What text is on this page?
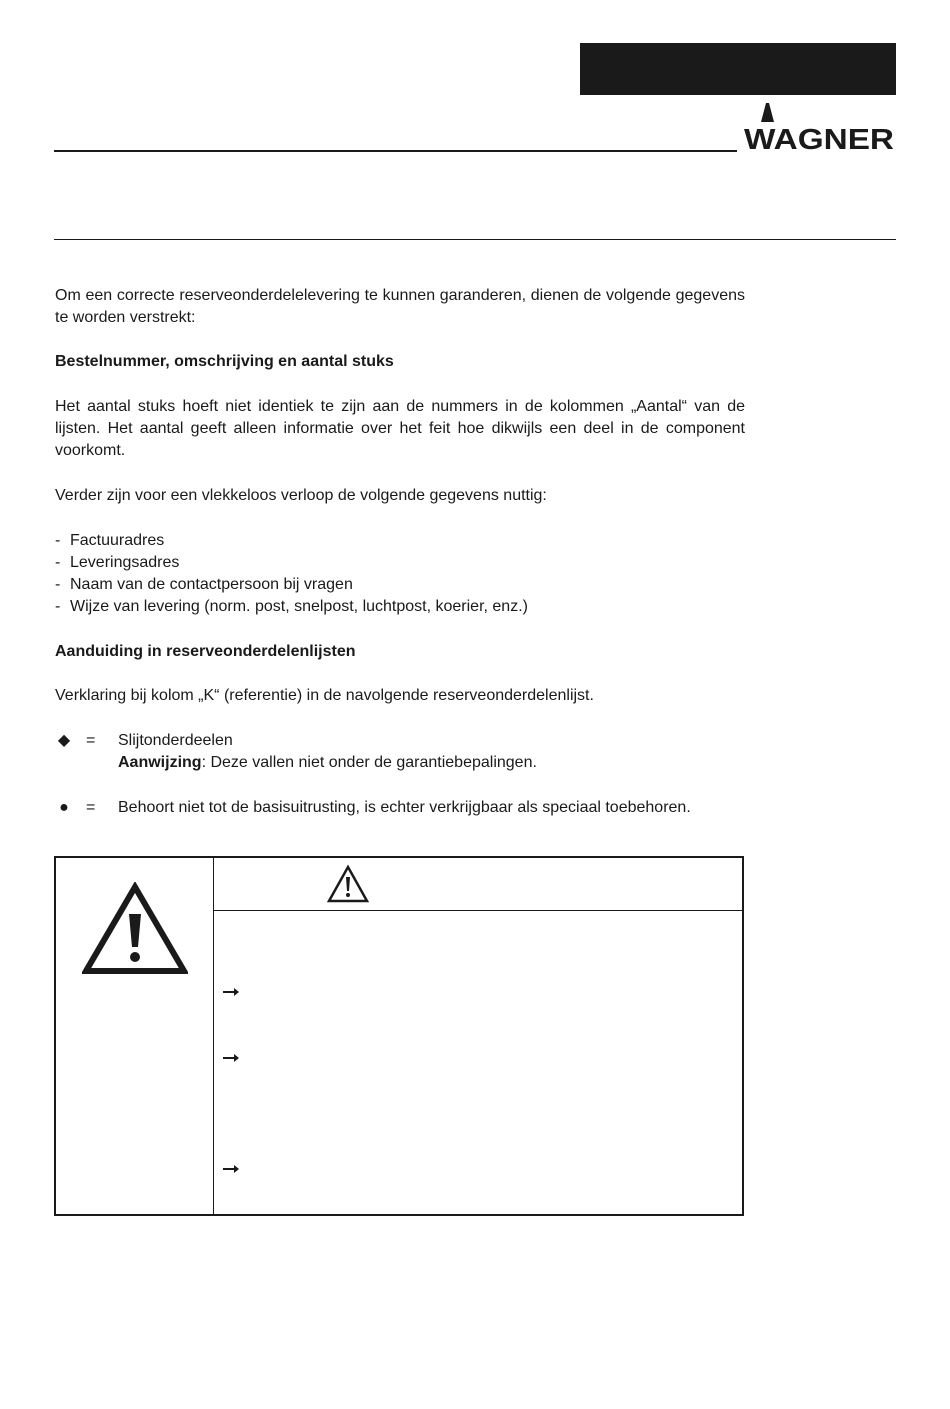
WAGNER

Om een correcte reserveonderdelelevering te kunnen garanderen, dienen de volgende gegevens te worden verstrekt:

Bestelnummer, omschrijving en aantal stuks

Het aantal stuks hoeft niet identiek te zijn aan de nummers in de kolommen „Aantal“ van de lijsten. Het aantal geeft alleen informatie over het feit hoe dikwijls een deel in de component voorkomt.

Verder zijn voor een vlekkeloos verloop de volgende gegevens nuttig:

- Factuuradres
- Leveringsadres
- Naam van de contactpersoon bij vragen
- Wijze van levering (norm. post, snelpost, luchtpost, koerier, enz.)

Aanduiding in reserveonderdelenlijsten

Verklaring bij kolom „K“ (referentie) in de navolgende reserveonderdelenlijst.

◆ = Slijtonderdeelen
Aanwijzing: Deze vallen niet onder de garantiebepalingen.
● = Behoort niet tot de basisuitrusting, is echter verkrijgbaar als speciaal toebehoren.
